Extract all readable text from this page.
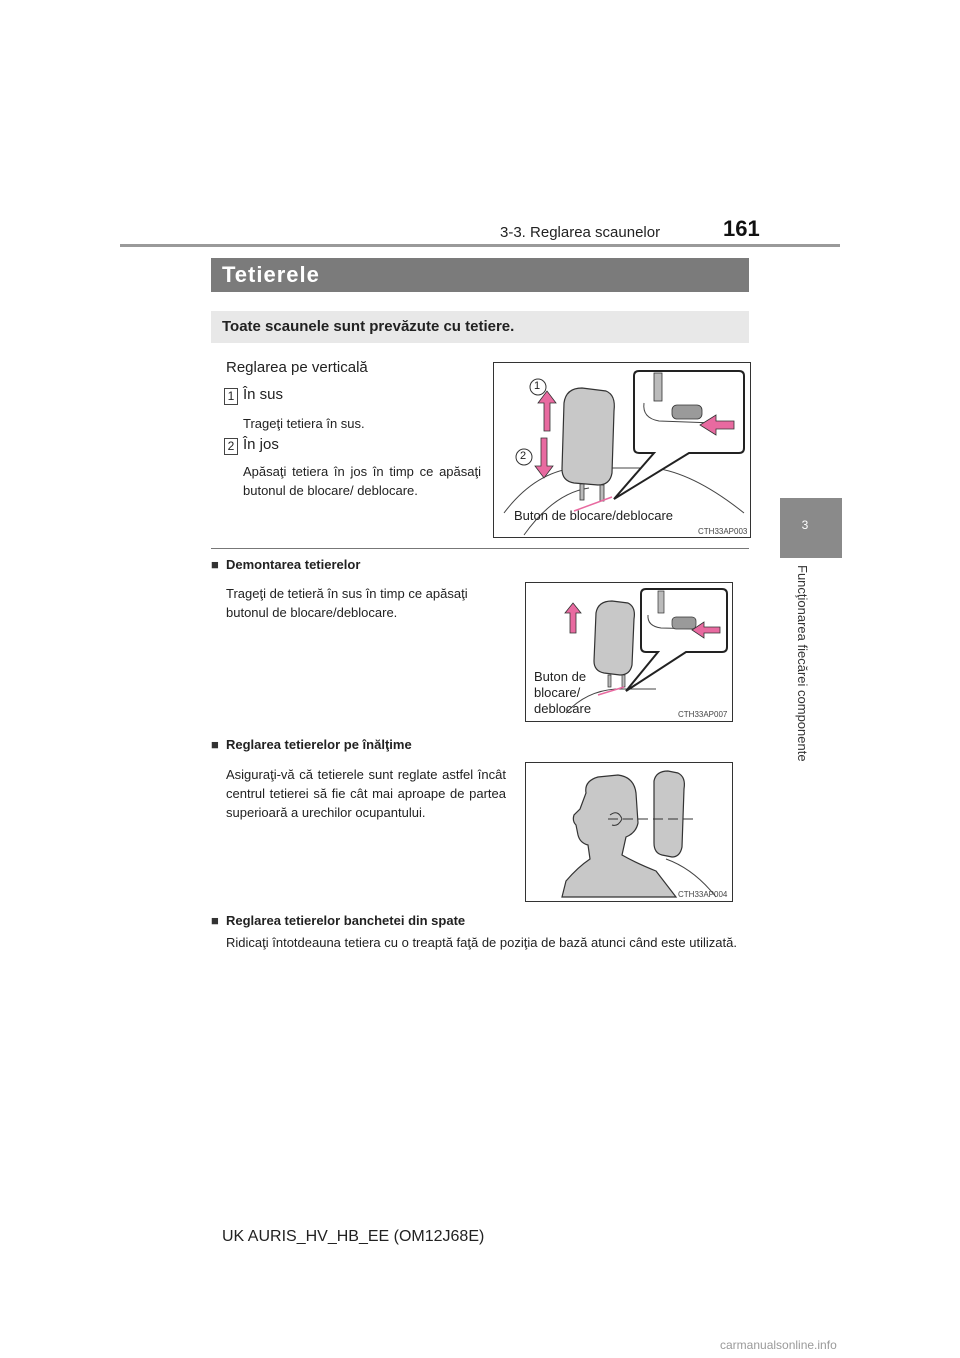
3-3. Reglarea scaunelor	161
3
Funcţionarea fiecărei componente
Tetierele
Toate scaunele sunt prevăzute cu tetiere.
Reglarea pe verticală
1 În sus
Trageţi tetiera în sus.
2 În jos
Apăsaţi tetiera în jos în timp ce apăsaţi butonul de blocare/ deblocare.
1
2
Buton de blocare/deblocare
CTH33AP003
■ Demontarea tetierelor
Trageţi de tetieră în sus în timp ce apăsaţi butonul de blocare/deblocare.
Buton de
blocare/
deblocare	CTH33AP007
■ Reglarea tetierelor pe înălţime
Asiguraţi-vă că tetierele sunt reglate astfel încât centrul tetierei să fie cât mai aproape de partea superioară a urechilor ocupantului.
CTH33AP004
■ Reglarea tetierelor banchetei din spate
Ridicaţi întotdeauna tetiera cu o treaptă faţă de poziţia de bază atunci când este utilizată.
UK AURIS_HV_HB_EE (OM12J68E)
carmanualsonline.info
